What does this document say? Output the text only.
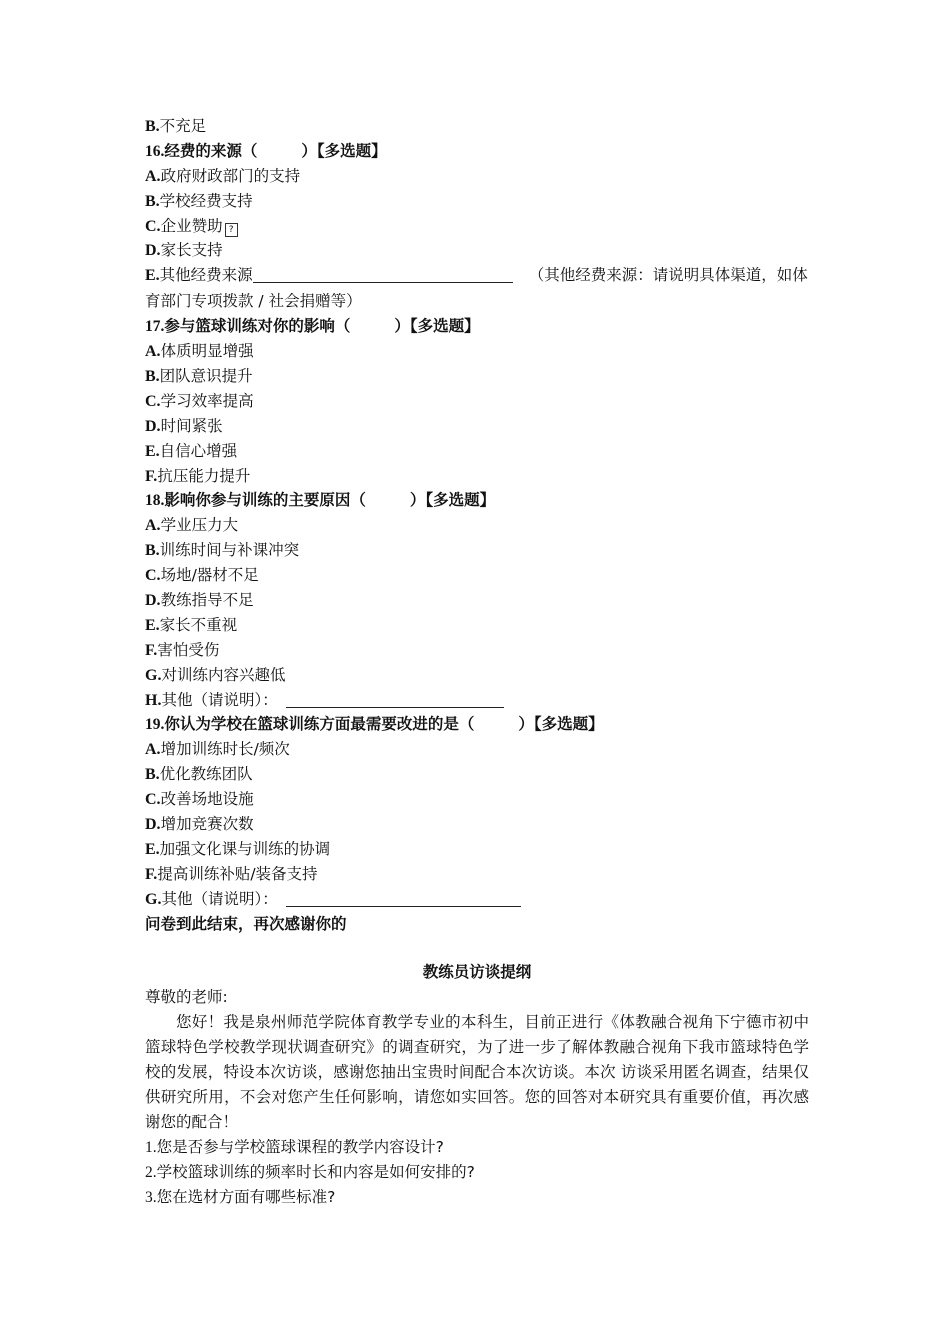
B.不充足
16.经费的来源（	）【多选题】
A.政府财政部门的支持
B.学校经费支持
C.企业赞助 ?
D.家长支持
E.其他经费来源	（其他经费来源：请说明具体渠道，如体育部门专项拨款 / 社会捐赠等）
17.参与篮球训练对你的影响（	）【多选题】
A.体质明显增强
B.团队意识提升
C.学习效率提高
D.时间紧张
E.自信心增强
F.抗压能力提升
18.影响你参与训练的主要原因（	）【多选题】
A.学业压力大
B.训练时间与补课冲突
C.场地/器材不足
D.教练指导不足
E.家长不重视
F.害怕受伤
G.对训练内容兴趣低
H.其他（请说明）：
19.你认为学校在篮球训练方面最需要改进的是（	）【多选题】
A.增加训练时长/频次
B.优化教练团队
C.改善场地设施
D.增加竞赛次数
E.加强文化课与训练的协调
F.提高训练补贴/装备支持
G.其他（请说明）：
问卷到此结束，再次感谢你的
教练员访谈提纲
尊敬的老师:
您好！我是泉州师范学院体育教学专业的本科生，目前正进行《体教融合视角下宁德市初中篮球特色学校教学现状调查研究》的调查研究，为了进一步了解体教融合视角下我市篮球特色学校的发展，特设本次访谈，感谢您抽出宝贵时间配合本次访谈。本次 访谈采用匿名调查，结果仅供研究所用，不会对您产生任何影响，请您如实回答。您的回答对本研究具有重要价值，再次感谢您的配合！
1.您是否参与学校篮球课程的教学内容设计?
2.学校篮球训练的频率时长和内容是如何安排的?
3.您在选材方面有哪些标准?
